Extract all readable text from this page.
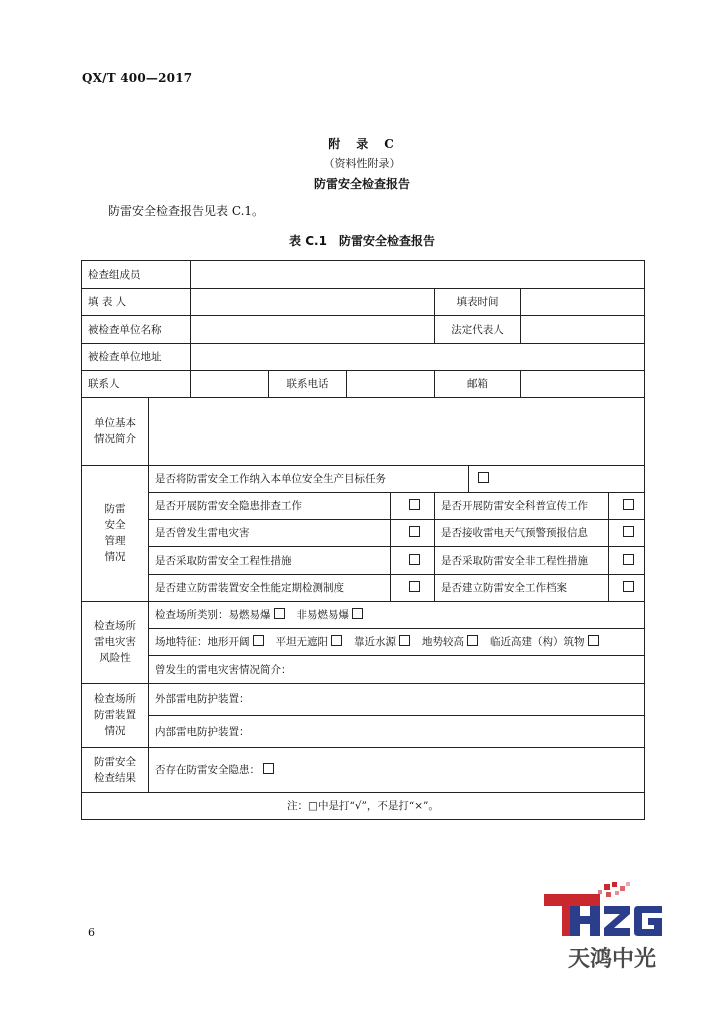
QX/T 400—2017
附　录　C
（资料性附录）
防雷安全检查报告
防雷安全检查报告见表 C.1。
表 C.1　防雷安全检查报告
检查组成员									
填 表 人						填表时间			
被检查单位名称						法定代表人			
被检查单位地址									
联系人			联系电话			邮箱			

单位基本
情况简介									

防雷
安全
管理
情况	是否将防雷安全工作纳入本单位安全生产目标任务								
	是否开展防雷安全隐患排查工作					是否开展防雷安全科普宣传工作			
	是否曾发生雷电灾害					是否接收雷电天气预警预报信息			
	是否采取防雷安全工程性措施					是否采取防雷安全非工程性措施			
	是否建立防雷装置安全性能定期检测制度					是否建立防雷安全工作档案			

检查场所
雷电灾害
风险性	检查场所类别：易燃易爆 非易燃易爆								
	场地特征：地形开阔 平坦无遮阳 靠近水源 地势较高 临近高建（构）筑物								
	曾发生的雷电灾害情况简介：								

检查场所
防雷装置
情况	外部雷电防护装置：								
	内部雷电防护装置：								

防雷安全
检查结果	否存在防雷安全隐患：								
注：□中是打“√”，不是打“×”。									
6
天鸿中光
